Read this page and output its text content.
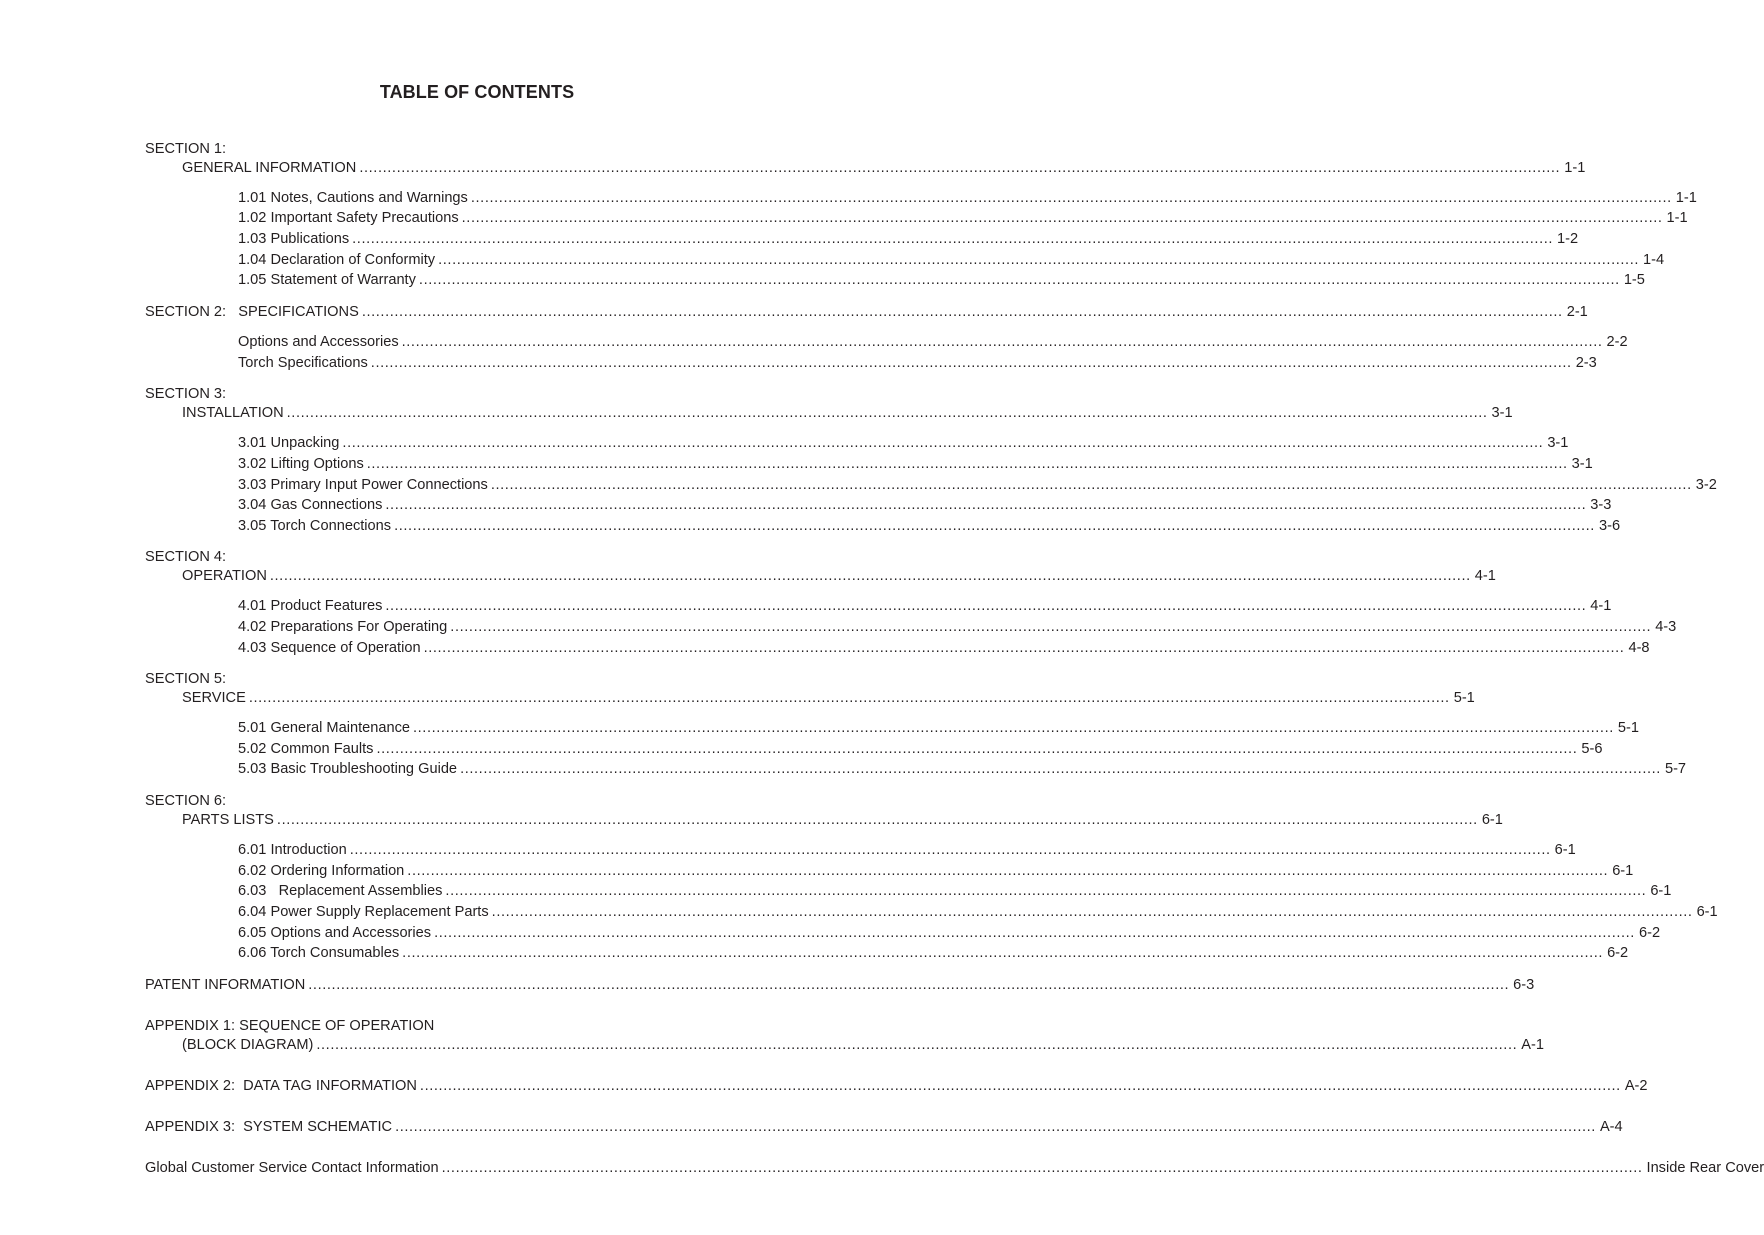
TABLE OF CONTENTS
SECTION 1:
GENERAL INFORMATION .................................................................................................................................................................................................................................................................. 1-1
1.01 Notes, Cautions and Warnings .................................................................................................................................................................................................................................................................. 1-1
1.02 Important Safety Precautions .................................................................................................................................................................................................................................................................. 1-1
1.03 Publications .................................................................................................................................................................................................................................................................. 1-2
1.04 Declaration of Conformity .................................................................................................................................................................................................................................................................. 1-4
1.05 Statement of Warranty .................................................................................................................................................................................................................................................................. 1-5
SECTION 2:   SPECIFICATIONS .................................................................................................................................................................................................................................................................. 2-1
Options and Accessories .................................................................................................................................................................................................................................................................. 2-2
Torch Specifications .................................................................................................................................................................................................................................................................. 2-3
SECTION 3:
INSTALLATION .................................................................................................................................................................................................................................................................. 3-1
3.01 Unpacking .................................................................................................................................................................................................................................................................. 3-1
3.02 Lifting Options .................................................................................................................................................................................................................................................................. 3-1
3.03 Primary Input Power Connections .................................................................................................................................................................................................................................................................. 3-2
3.04 Gas Connections .................................................................................................................................................................................................................................................................. 3-3
3.05 Torch Connections .................................................................................................................................................................................................................................................................. 3-6
SECTION 4:
OPERATION .................................................................................................................................................................................................................................................................. 4-1
4.01 Product Features .................................................................................................................................................................................................................................................................. 4-1
4.02 Preparations For Operating .................................................................................................................................................................................................................................................................. 4-3
4.03 Sequence of Operation .................................................................................................................................................................................................................................................................. 4-8
SECTION 5:
SERVICE .................................................................................................................................................................................................................................................................. 5-1
5.01 General Maintenance .................................................................................................................................................................................................................................................................. 5-1
5.02 Common Faults .................................................................................................................................................................................................................................................................. 5-6
5.03 Basic Troubleshooting Guide .................................................................................................................................................................................................................................................................. 5-7
SECTION 6:
PARTS LISTS .................................................................................................................................................................................................................................................................. 6-1
6.01 Introduction .................................................................................................................................................................................................................................................................. 6-1
6.02 Ordering Information .................................................................................................................................................................................................................................................................. 6-1
6.03   Replacement Assemblies .................................................................................................................................................................................................................................................................. 6-1
6.04 Power Supply Replacement Parts .................................................................................................................................................................................................................................................................. 6-1
6.05 Options and Accessories .................................................................................................................................................................................................................................................................. 6-2
6.06 Torch Consumables .................................................................................................................................................................................................................................................................. 6-2
PATENT INFORMATION .................................................................................................................................................................................................................................................................. 6-3
APPENDIX 1: SEQUENCE OF OPERATION
(BLOCK DIAGRAM) .................................................................................................................................................................................................................................................................. A-1
APPENDIX 2:  DATA TAG INFORMATION .................................................................................................................................................................................................................................................................. A-2
APPENDIX 3:  SYSTEM SCHEMATIC .................................................................................................................................................................................................................................................................. A-4
Global Customer Service Contact Information .................................................................................................................................................................................................................................................................. Inside Rear Cover
